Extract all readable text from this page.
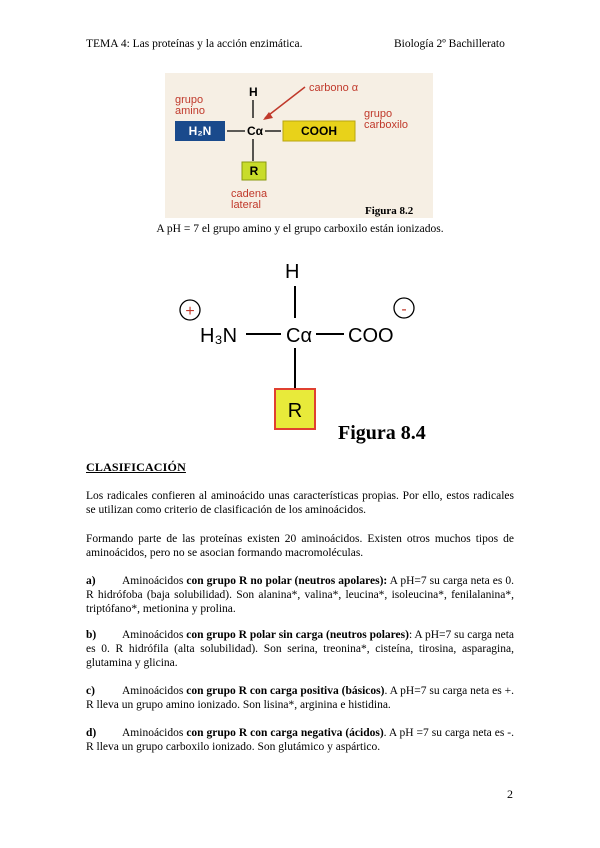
TEMA 4: Las proteínas y la acción enzimática.	Biología 2º Bachillerato
grupo
amino
carbono α
grupo
carboxilo
cadena
lateral
H
H₂N	Cα	COOH
R
Figura 8.2
A pH = 7 el grupo amino y el grupo carboxilo están ionizados.
H
+
H₃N Cα COO
-
R
Figura 8.4
CLASIFICACIÓN
Los radicales confieren al aminoácido unas características propias. Por ello, estos radicales se utilizan como criterio de clasificación de los aminoácidos.
Formando parte de las proteínas existen 20 aminoácidos. Existen otros muchos tipos de aminoácidos, pero no se asocian formando macromoléculas.
a) Aminoácidos con grupo R no polar (neutros apolares): A pH=7 su carga neta es 0. R hidrófoba (baja solubilidad). Son alanina*, valina*, leucina*, isoleucina*, fenilalanina*, triptófano*, metionina y prolina.
b) Aminoácidos con grupo R polar sin carga (neutros polares): A pH=7 su carga neta es 0. R hidrófila (alta solubilidad). Son serina, treonina*, cisteína, tirosina, asparagina, glutamina y glicina.
c) Aminoácidos con grupo R con carga positiva (básicos). A pH=7 su carga neta es +. R lleva un grupo amino ionizado. Son lisina*, arginina e histidina.
d) Aminoácidos con grupo R con carga negativa (ácidos). A pH =7 su carga neta es -. R lleva un grupo carboxilo ionizado. Son glutámico y aspártico.
2
